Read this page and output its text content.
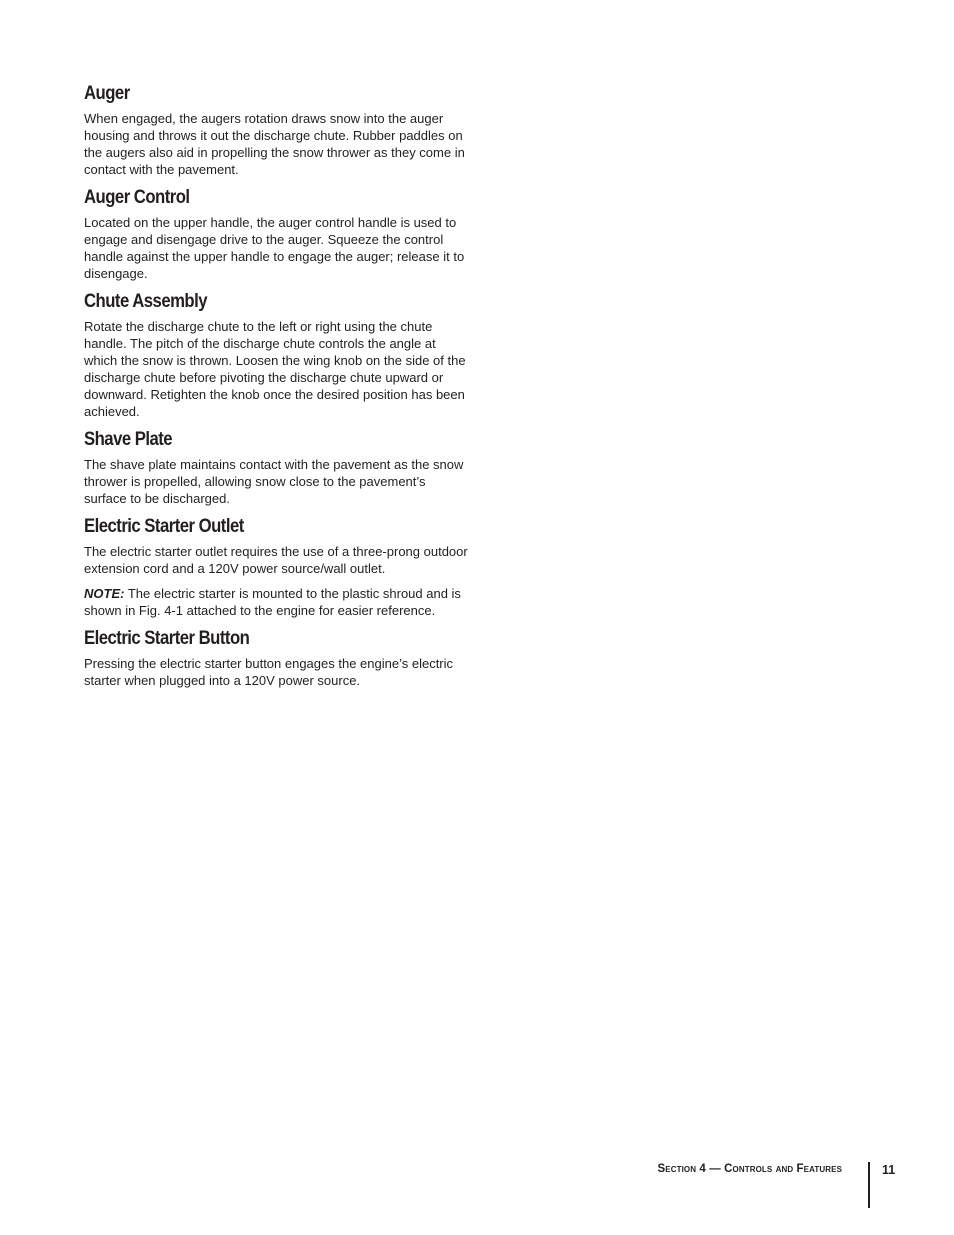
Auger

When engaged, the augers rotation draws snow into the auger housing and throws it out the discharge chute. Rubber paddles on the augers also aid in propelling the snow thrower as they come in contact with the pavement.

Auger Control

Located on the upper handle, the auger control handle is used to engage and disengage drive to the auger. Squeeze the control handle against the upper handle to engage the auger; release it to disengage.

Chute Assembly

Rotate the discharge chute to the left or right using the chute handle. The pitch of the discharge chute controls the angle at which the snow is thrown. Loosen the wing knob on the side of the discharge chute before pivoting the discharge chute upward or downward. Retighten the knob once the desired position has been achieved.

Shave Plate

The shave plate maintains contact with the pavement as the snow thrower is propelled, allowing snow close to the pavement’s surface to be discharged.

Electric Starter Outlet

The electric starter outlet requires the use of a three-prong outdoor extension cord and a 120V power source/wall outlet.

NOTE: The electric starter is mounted to the plastic shroud and is shown in Fig. 4-1 attached to the engine for easier reference.

Electric Starter Button

Pressing the electric starter button engages the engine’s electric starter when plugged into a 120V power source.

Section 4 — Controls and Features	11
